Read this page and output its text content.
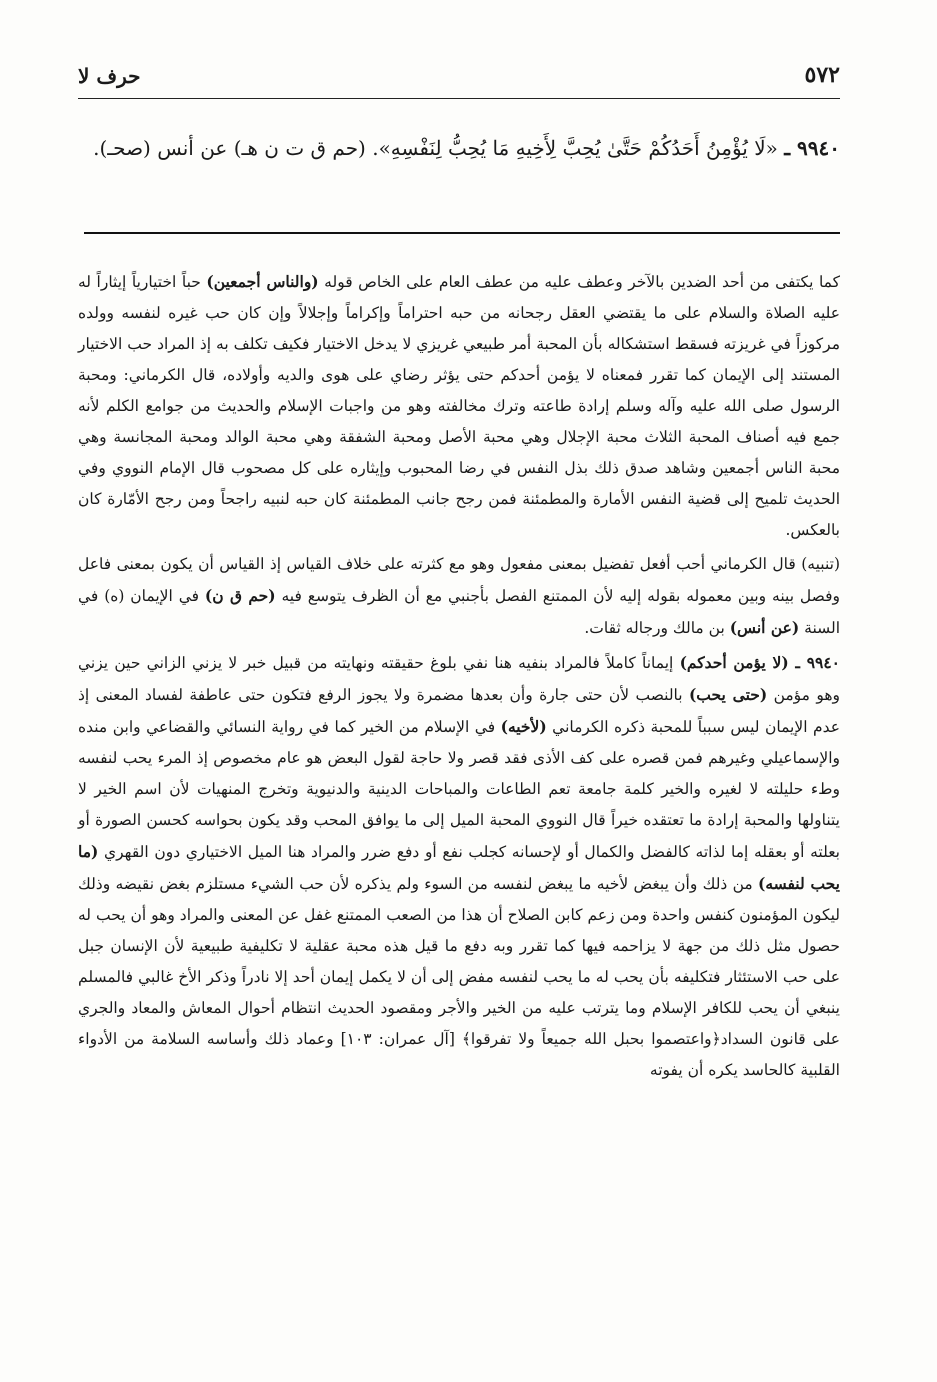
٥٧٢
حرف لا
٩٩٤٠ ـ «لَا يُؤْمِنُ أَحَدُكُمْ حَتَّىٰ يُحِبَّ لِأَخِيهِ مَا يُحِبُّ لِنَفْسِهِ». (حم ق ت ن هـ) عن أنس (صحـ).

كما يكتفى من أحد الضدين بالآخر وعطف عليه من عطف العام على الخاص قوله (والناس أجمعين) حباً اختيارياً إيثاراً له عليه الصلاة والسلام على ما يقتضي العقل رجحانه من حبه احتراماً وإكراماً وإجلالاً وإن كان حب غيره لنفسه وولده مركوزاً في غريزته فسقط استشكاله بأن المحبة أمر طبيعي غريزي لا يدخل الاختيار فكيف تكلف به إذ المراد حب الاختيار المستند إلى الإيمان كما تقرر فمعناه لا يؤمن أحدكم حتى يؤثر رضاي على هوى والديه وأولاده، قال الكرماني: ومحبة الرسول صلى الله عليه وآله وسلم إرادة طاعته وترك مخالفته وهو من واجبات الإسلام والحديث من جوامع الكلم لأنه جمع فيه أصناف المحبة الثلاث محبة الإجلال وهي محبة الأصل ومحبة الشفقة وهي محبة الوالد ومحبة المجانسة وهي محبة الناس أجمعين وشاهد صدق ذلك بذل النفس في رضا المحبوب وإيثاره على كل مصحوب قال الإمام النووي وفي الحديث تلميح إلى قضية النفس الأمارة والمطمئنة فمن رجح جانب المطمئنة كان حبه لنبيه راجحاً ومن رجح الأمّارة كان بالعكس.

(تنبيه) قال الكرماني أحب أفعل تفضيل بمعنى مفعول وهو مع كثرته على خلاف القياس إذ القياس أن يكون بمعنى فاعل وفصل بينه وبين معموله بقوله إليه لأن الممتنع الفصل بأجنبي مع أن الظرف يتوسع فيه (حم ق ن) في الإيمان (ه) في السنة (عن أنس) بن مالك ورجاله ثقات.

٩٩٤٠ ـ (لا يؤمن أحدكم) إيماناً كاملاً فالمراد بنفيه هنا نفي بلوغ حقيقته ونهايته من قبيل خبر لا يزني الزاني حين يزني وهو مؤمن (حتى يحب) بالنصب لأن حتى جارة وأن بعدها مضمرة ولا يجوز الرفع فتكون حتى عاطفة لفساد المعنى إذ عدم الإيمان ليس سبباً للمحبة ذكره الكرماني (لأخيه) في الإسلام من الخير كما في رواية النسائي والقضاعي وابن منده والإسماعيلي وغيرهم فمن قصره على كف الأذى فقد قصر ولا حاجة لقول البعض هو عام مخصوص إذ المرء يحب لنفسه وطء حليلته لا لغيره والخير كلمة جامعة تعم الطاعات والمباحات الدينية والدنيوية وتخرج المنهيات لأن اسم الخير لا يتناولها والمحبة إرادة ما تعتقده خيراً قال النووي المحبة الميل إلى ما يوافق المحب وقد يكون بحواسه كحسن الصورة أو بعلته أو بعقله إما لذاته كالفضل والكمال أو لإحسانه كجلب نفع أو دفع ضرر والمراد هنا الميل الاختياري دون القهري (ما يحب لنفسه) من ذلك وأن يبغض لأخيه ما يبغض لنفسه من السوء ولم يذكره لأن حب الشيء مستلزم بغض نقيضه وذلك ليكون المؤمنون كنفس واحدة ومن زعم كابن الصلاح أن هذا من الصعب الممتنع غفل عن المعنى والمراد وهو أن يحب له حصول مثل ذلك من جهة لا يزاحمه فيها كما تقرر وبه دفع ما قيل هذه محبة عقلية لا تكليفية طبيعية لأن الإنسان جبل على حب الاستئثار فتكليفه بأن يحب له ما يحب لنفسه مفض إلى أن لا يكمل إيمان أحد إلا نادراً وذكر الأخ غالبي فالمسلم ينبغي أن يحب للكافر الإسلام وما يترتب عليه من الخير والأجر ومقصود الحديث انتظام أحوال المعاش والمعاد والجري على قانون السداد﴿واعتصموا بحبل الله جميعاً ولا تفرقوا﴾ [آل عمران: ١٠٣] وعماد ذلك وأساسه السلامة من الأدواء القلبية كالحاسد يكره أن يفوته
